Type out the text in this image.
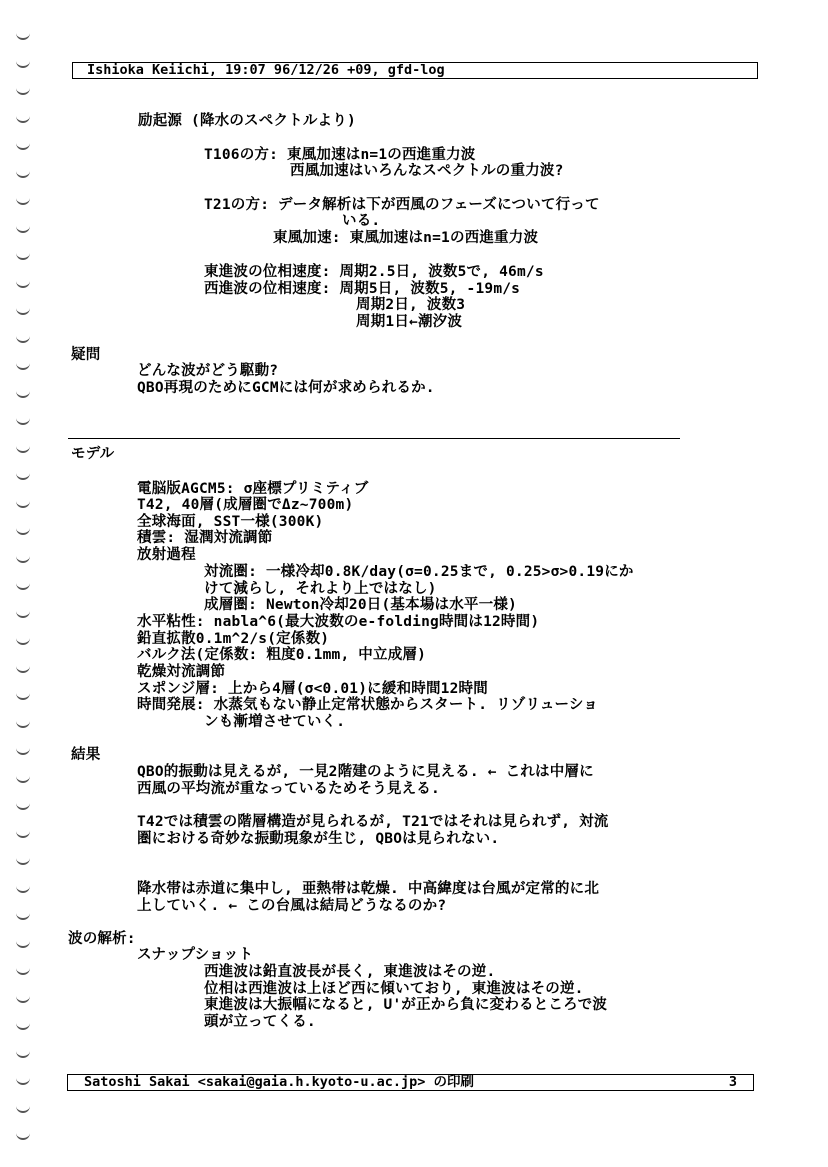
Ishioka Keiichi, 19:07 96/12/26 +09, gfd-log
励起源 (降水のスペクトルより)
T106の方: 東風加速はn=1の西進重力波
西風加速はいろんなスペクトルの重力波?
T21の方: データ解析は下が西風のフェーズについて行って
いる.
東風加速: 東風加速はn=1の西進重力波
東進波の位相速度: 周期2.5日, 波数5で, 46m/s
西進波の位相速度: 周期5日, 波数5, -19m/s
周期2日, 波数3
周期1日←潮汐波
疑問
どんな波がどう駆動?
QBO再現のためにGCMには何が求められるか.
モデル
電脳版AGCM5: σ座標プリミティブ
T42, 40層(成層圏でΔz~700m)
全球海面, SST一様(300K)
積雲: 湿潤対流調節
放射過程
対流圏: 一様冷却0.8K/day(σ=0.25まで, 0.25>σ>0.19にか
けて減らし, それより上ではなし)
成層圏: Newton冷却20日(基本場は水平一様)
水平粘性: nabla^6(最大波数のe-folding時間は12時間)
鉛直拡散0.1m^2/s(定係数)
バルク法(定係数: 粗度0.1mm, 中立成層)
乾燥対流調節
スポンジ層: 上から4層(σ<0.01)に緩和時間12時間
時間発展: 水蒸気もない静止定常状態からスタート. リゾリューショ
ンも漸増させていく.
結果
QBO的振動は見えるが, 一見2階建のように見える. ← これは中層に
西風の平均流が重なっているためそう見える.
T42では積雲の階層構造が見られるが, T21ではそれは見られず, 対流
圏における奇妙な振動現象が生じ, QBOは見られない.
降水帯は赤道に集中し, 亜熱帯は乾燥. 中高緯度は台風が定常的に北
上していく. ← この台風は結局どうなるのか?
波の解析:
スナップショット
西進波は鉛直波長が長く, 東進波はその逆.
位相は西進波は上ほど西に傾いており, 東進波はその逆.
東進波は大振幅になると, U'が正から負に変わるところで波
頭が立ってくる.
Satoshi Sakai <sakai@gaia.h.kyoto-u.ac.jp> の印刷	3
